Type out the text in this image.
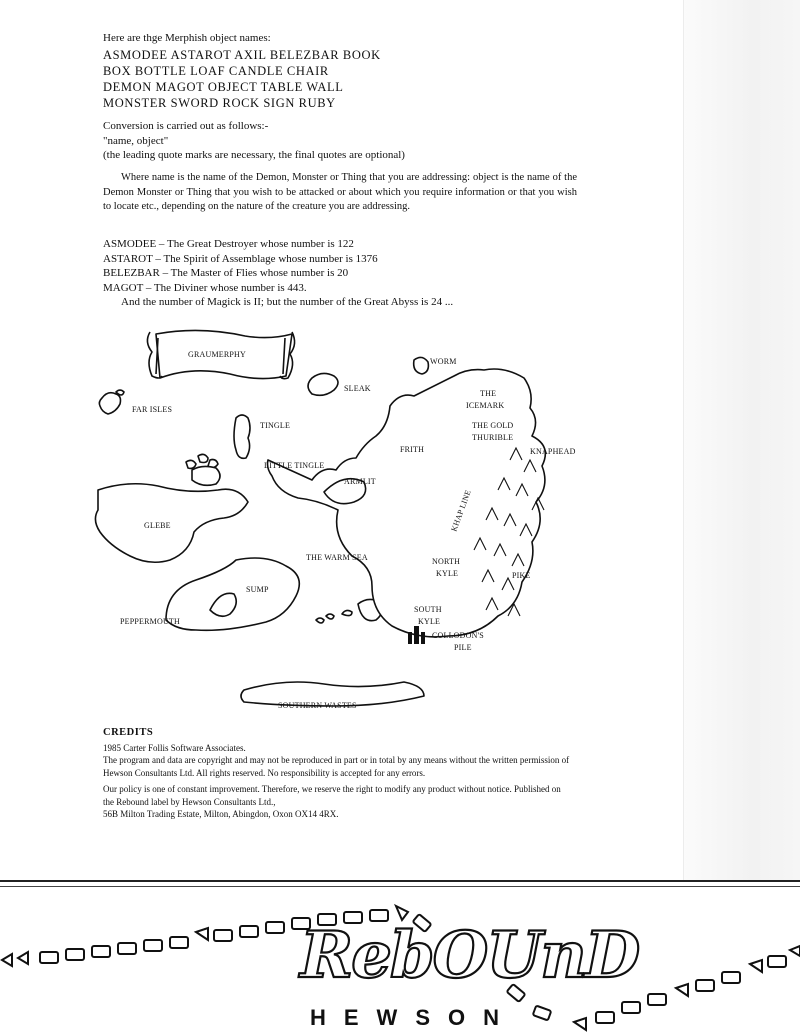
Here are thge Merphish object names:
ASMODEE ASTAROT AXIL BELEZBAR BOOK
BOX BOTTLE LOAF CANDLE CHAIR
DEMON MAGOT OBJECT TABLE WALL
MONSTER SWORD ROCK SIGN RUBY
Conversion is carried out as follows:-
"name, object"
(the leading quote marks are necessary, the final quotes are optional)
Where name is the name of the Demon, Monster or Thing that you are addressing: object is the name of the Demon Monster or Thing that you wish to be attacked or about which you require information or that you wish to locate etc., depending on the nature of the creature you are addressing.
ASMODEE – The Great Destroyer whose number is 122
ASTAROT – The Spirit of Assemblage whose number is 1376
BELEZBAR – The Master of Flies whose number is 20
MAGOT – The Diviner whose number is 443.
And the number of Magick is II; but the number of the Great Abyss is 24 ...
GRAUMERPHY
WORM
SLEAK
FAR ISLES
THE
ICEMARK
TINGLE	THE GOLD
THURIBLE
KNAPHEAD
FRITH
LITTLE TINGLE
ARMLIT
KHAP LINE
GLEBE
THE WARM SEA	NORTH
KYLE	PIKE
SUMP
PEPPERMOUTH
SOUTH
KYLE
COLLODON'S
PILE
SOUTHERN WASTES
CREDITS
1985 Carter Follis Software Associates.

The program and data are copyright and may not be reproduced in part or in total by any means without the written permission of Hewson Consultants Ltd. All rights reserved. No responsibility is accepted for any errors.

Our policy is one of constant improvement. Therefore, we reserve the right to modify any product without notice. Published on the Rebound label by Hewson Consultants Ltd.,
56B Milton Trading Estate, Milton, Abingdon, Oxon OX14 4RX.

RebOUnD
HEWSON
